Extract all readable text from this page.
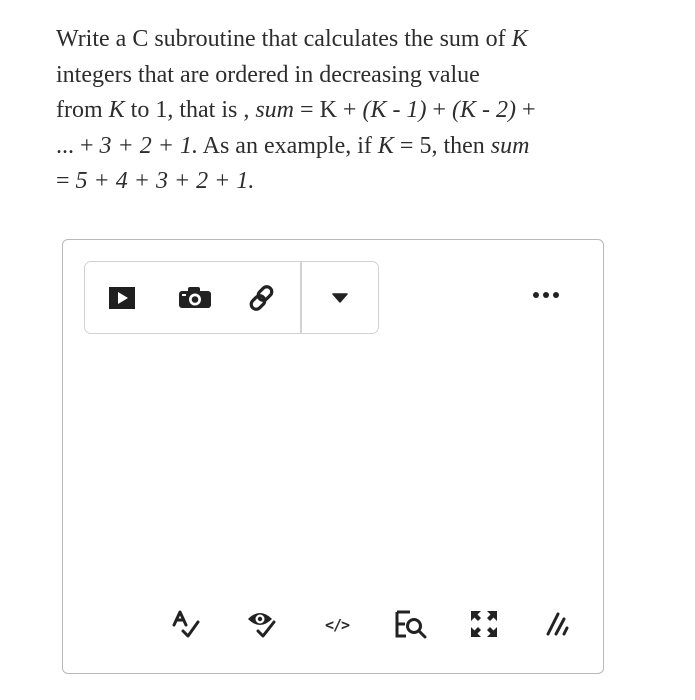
Write a C subroutine that calculates the sum of K
integers that are ordered in decreasing value
from K to 1, that is , sum = K + (K - 1) + (K - 2) +
... + 3 + 2 + 1. As an example, if K = 5, then sum
= 5 + 4 + 3 + 2 + 1.
</>
